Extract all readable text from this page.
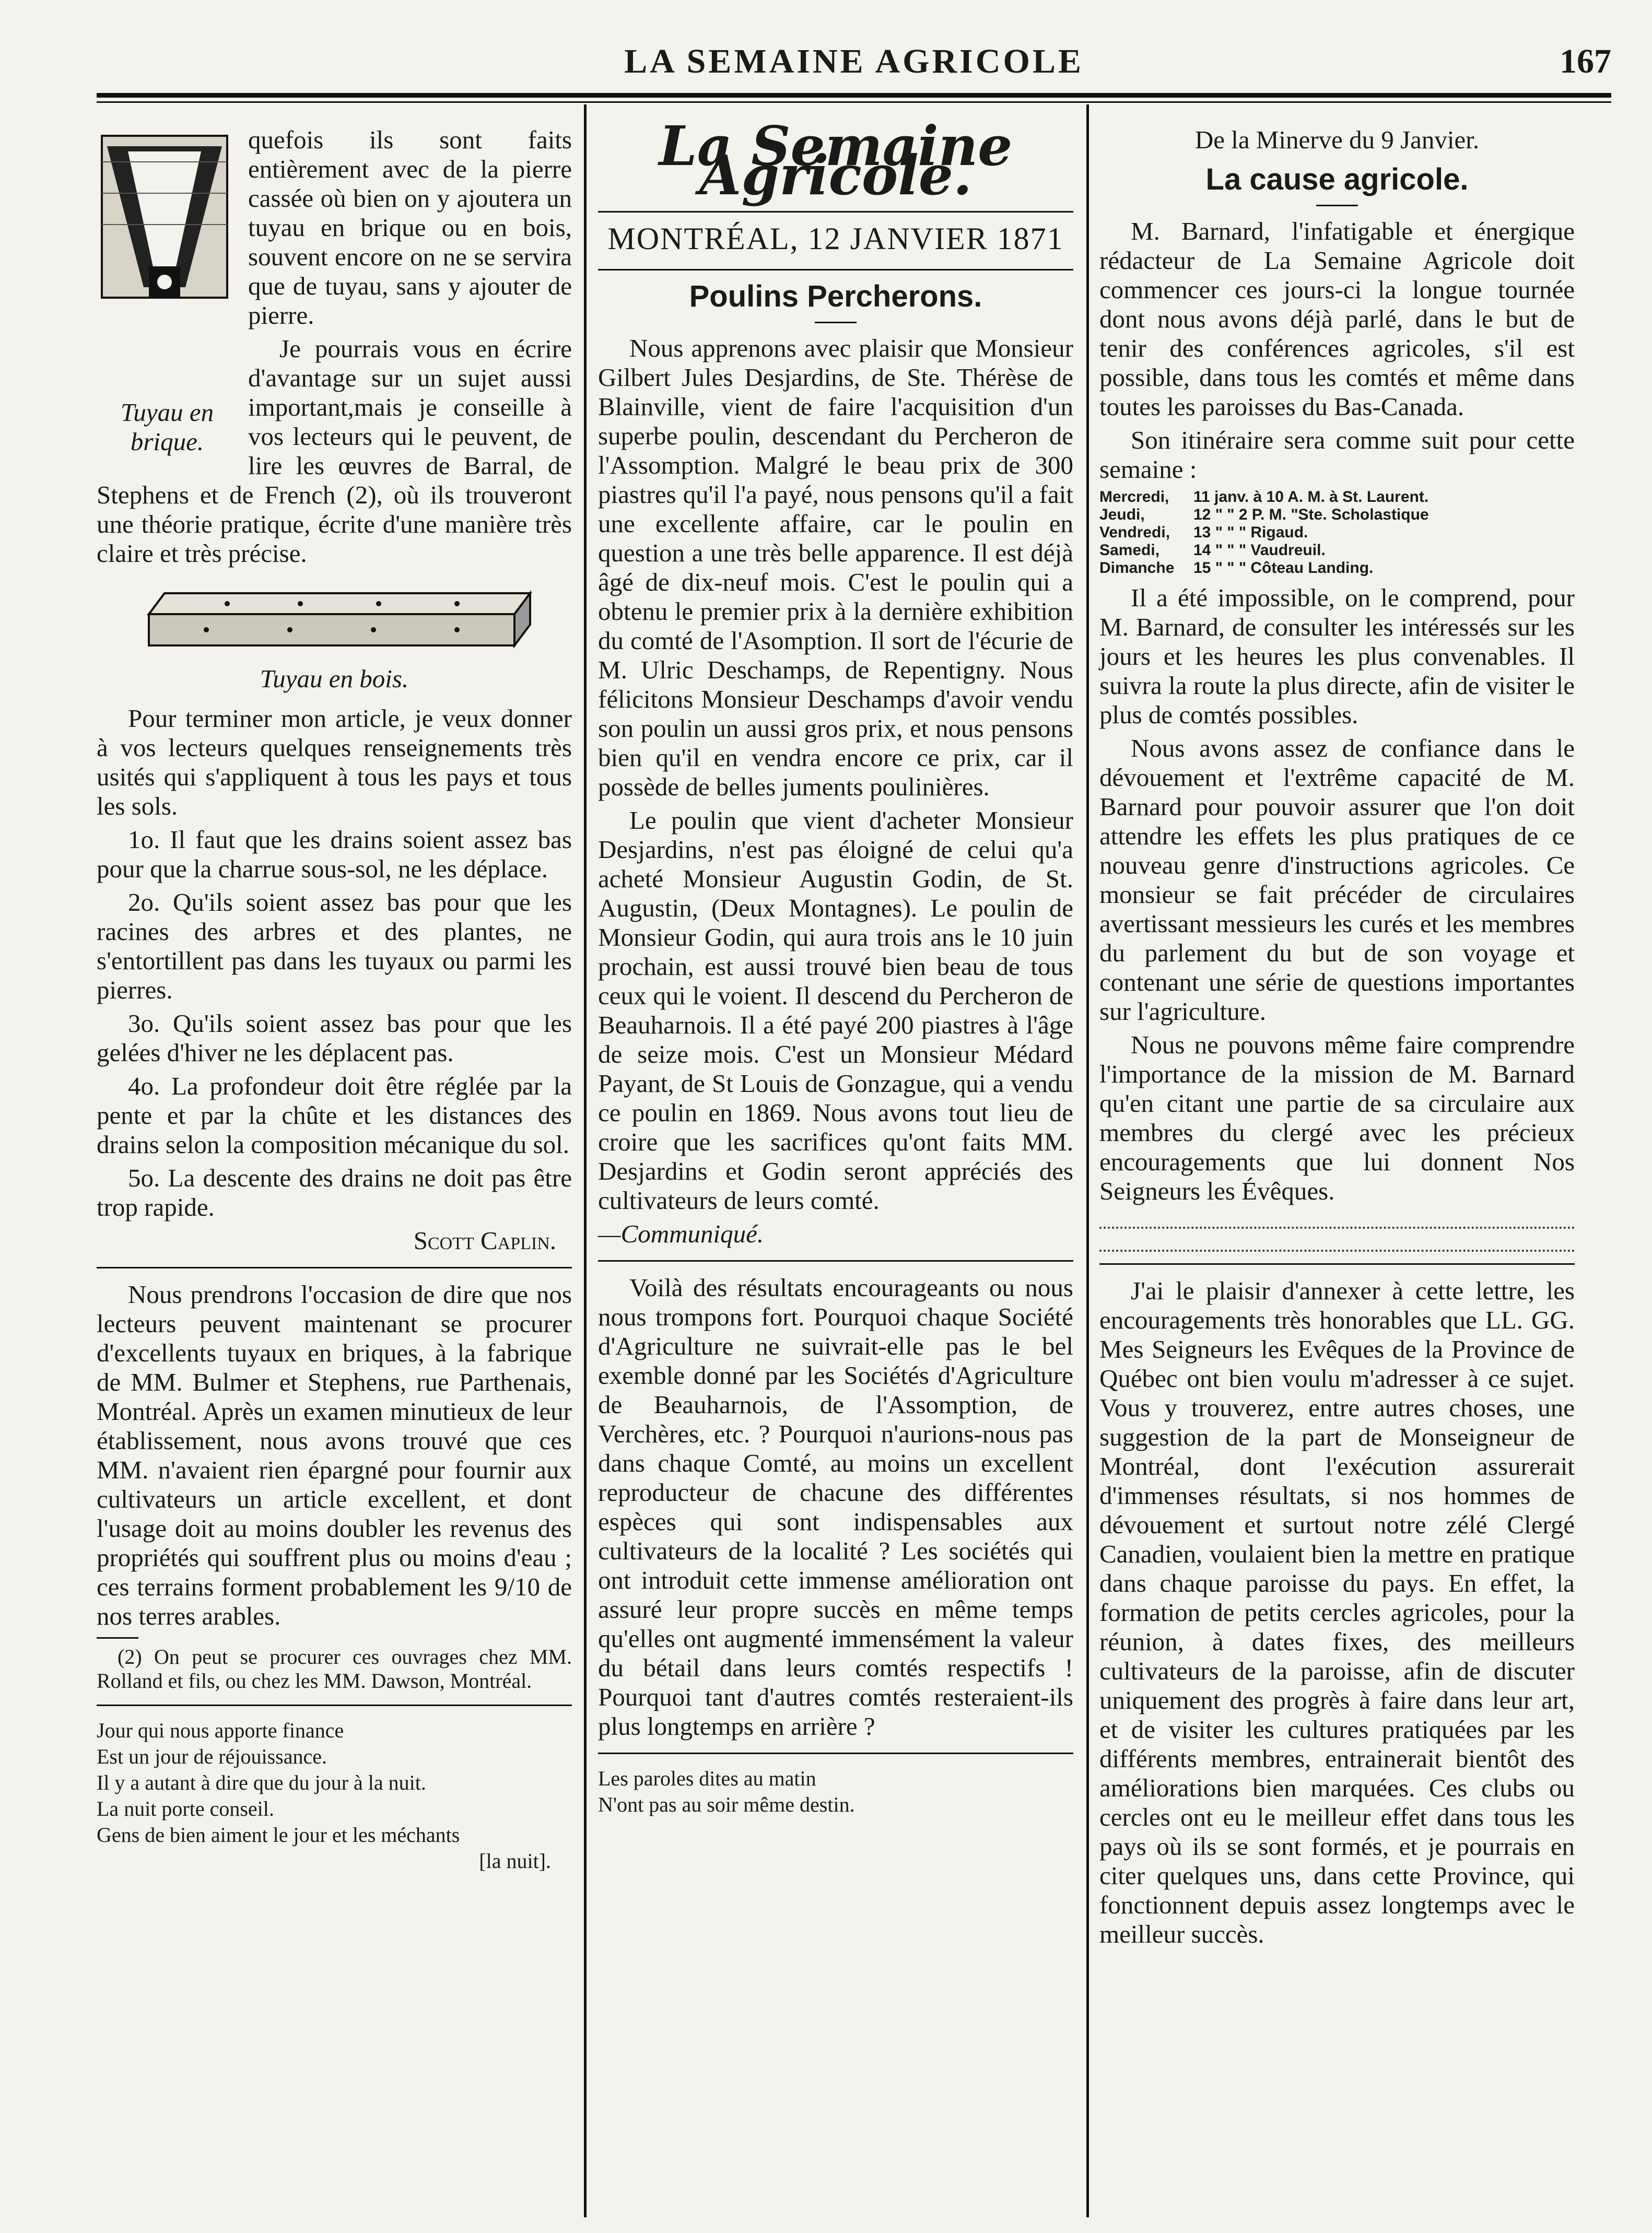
LA SEMAINE AGRICOLE	167
Tuyau en brique.

quefois ils sont faits entièrement avec de la pierre cassée où bien on y ajoutera un tuyau en brique ou en bois, souvent encore on ne se servira que de tuyau, sans y ajouter de pierre.

Je pourrais vous en écrire d'avantage sur un sujet aussi important,mais je conseille à vos lecteurs qui le peuvent, de lire les œuvres de Barral, de Stephens et de French (2), où ils trouveront une théorie pratique, écrite d'une manière très claire et très précise.

Tuyau en bois.

Pour terminer mon article, je veux donner à vos lecteurs quelques renseignements très usités qui s'appliquent à tous les pays et tous les sols.

1o. Il faut que les drains soient assez bas pour que la charrue sous-sol, ne les déplace.

2o. Qu'ils soient assez bas pour que les racines des arbres et des plantes, ne s'entortillent pas dans les tuyaux ou parmi les pierres.

3o. Qu'ils soient assez bas pour que les gelées d'hiver ne les déplacent pas.

4o. La profondeur doit être réglée par la pente et par la chûte et les distances des drains selon la composition mécanique du sol.

5o. La descente des drains ne doit pas être trop rapide.

Scott Caplin.

Nous prendrons l'occasion de dire que nos lecteurs peuvent maintenant se procurer d'excellents tuyaux en briques, à la fabrique de MM. Bulmer et Stephens, rue Parthenais, Montréal. Après un examen minutieux de leur établissement, nous avons trouvé que ces MM. n'avaient rien épargné pour fournir aux cultivateurs un article excellent, et dont l'usage doit au moins doubler les revenus des propriétés qui souffrent plus ou moins d'eau ; ces terrains forment probablement les 9/10 de nos terres arables.

(2) On peut se procurer ces ouvrages chez MM. Rolland et fils, ou chez les MM. Dawson, Montréal.

Jour qui nous apporte finance
Est un jour de réjouissance.
Il y a autant à dire que du jour à la nuit.
La nuit porte conseil.
Gens de bien aiment le jour et les méchants
[la nuit].
La Semaine Agricole.
MONTRÉAL, 12 JANVIER 1871
Poulins Percherons.

Nous apprenons avec plaisir que Monsieur Gilbert Jules Desjardins, de Ste. Thérèse de Blainville, vient de faire l'acquisition d'un superbe poulin, descendant du Percheron de l'Assomption. Malgré le beau prix de 300 piastres qu'il l'a payé, nous pensons qu'il a fait une excellente affaire, car le poulin en question a une très belle apparence. Il est déjà âgé de dix-neuf mois. C'est le poulin qui a obtenu le premier prix à la dernière exhibition du comté de l'Asomption. Il sort de l'écurie de M. Ulric Deschamps, de Repentigny. Nous félicitons Monsieur Deschamps d'avoir vendu son poulin un aussi gros prix, et nous pensons bien qu'il en vendra encore ce prix, car il possède de belles juments poulinières.

Le poulin que vient d'acheter Monsieur Desjardins, n'est pas éloigné de celui qu'a acheté Monsieur Augustin Godin, de St. Augustin, (Deux Montagnes). Le poulin de Monsieur Godin, qui aura trois ans le 10 juin prochain, est aussi trouvé bien beau de tous ceux qui le voient. Il descend du Percheron de Beauharnois. Il a été payé 200 piastres à l'âge de seize mois. C'est un Monsieur Médard Payant, de St Louis de Gonzague, qui a vendu ce poulin en 1869. Nous avons tout lieu de croire que les sacrifices qu'ont faits MM. Desjardins et Godin seront appréciés des cultivateurs de leurs comté.

—Communiqué.

Voilà des résultats encourageants ou nous nous trompons fort. Pourquoi chaque Société d'Agriculture ne suivrait-elle pas le bel exemble donné par les Sociétés d'Agriculture de Beauharnois, de l'Assomption, de Verchères, etc. ? Pourquoi n'aurions-nous pas dans chaque Comté, au moins un excellent reproducteur de chacune des différentes espèces qui sont indispensables aux cultivateurs de la localité ? Les sociétés qui ont introduit cette immense amélioration ont assuré leur propre succès en même temps qu'elles ont augmenté immensément la valeur du bétail dans leurs comtés respectifs ! Pourquoi tant d'autres comtés resteraient-ils plus longtemps en arrière ?

Les paroles dites au matin
N'ont pas au soir même destin.
De la Minerve du 9 Janvier.
La cause agricole.

M. Barnard, l'infatigable et énergique rédacteur de La Semaine Agricole doit commencer ces jours-ci la longue tournée dont nous avons déjà parlé, dans le but de tenir des conférences agricoles, s'il est possible, dans tous les comtés et même dans toutes les paroisses du Bas-Canada.

Son itinéraire sera comme suit pour cette semaine :

Mercredi,	11 janv. à 10 A. M. à St. Laurent.
Jeudi,	12 " " 2 P. M. "Ste. Scholastique
Vendredi,	13 " " " Rigaud.
Samedi,	14 " " " Vaudreuil.
Dimanche	15 " " " Côteau Landing.

Il a été impossible, on le comprend, pour M. Barnard, de consulter les intéressés sur les jours et les heures les plus convenables. Il suivra la route la plus directe, afin de visiter le plus de comtés possibles.

Nous avons assez de confiance dans le dévouement et l'extrême capacité de M. Barnard pour pouvoir assurer que l'on doit attendre les effets les plus pratiques de ce nouveau genre d'instructions agricoles. Ce monsieur se fait précéder de circulaires avertissant messieurs les curés et les membres du parlement du but de son voyage et contenant une série de questions importantes sur l'agriculture.

Nous ne pouvons même faire comprendre l'importance de la mission de M. Barnard qu'en citant une partie de sa circulaire aux membres du clergé avec les précieux encouragements que lui donnent Nos Seigneurs les Évêques.

J'ai le plaisir d'annexer à cette lettre, les encouragements très honorables que LL. GG. Mes Seigneurs les Evêques de la Province de Québec ont bien voulu m'adresser à ce sujet. Vous y trouverez, entre autres choses, une suggestion de la part de Monseigneur de Montréal, dont l'exécution assurerait d'immenses résultats, si nos hommes de dévouement et surtout notre zélé Clergé Canadien, voulaient bien la mettre en pratique dans chaque paroisse du pays. En effet, la formation de petits cercles agricoles, pour la réunion, à dates fixes, des meilleurs cultivateurs de la paroisse, afin de discuter uniquement des progrès à faire dans leur art, et de visiter les cultures pratiquées par les différents membres, entrainerait bientôt des améliorations bien marquées. Ces clubs ou cercles ont eu le meilleur effet dans tous les pays où ils se sont formés, et je pourrais en citer quelques uns, dans cette Province, qui fonctionnent depuis assez longtemps avec le meilleur succès.
